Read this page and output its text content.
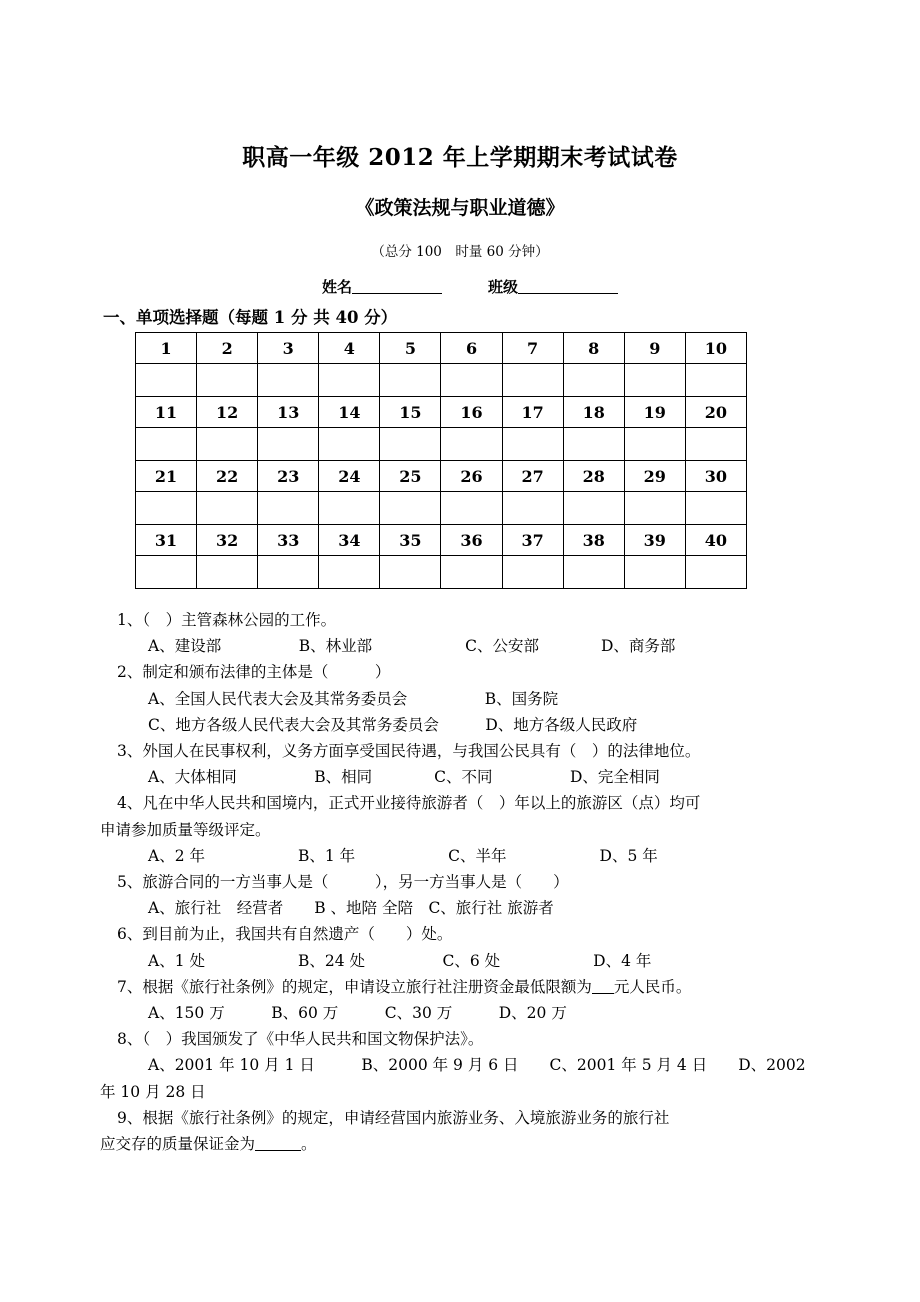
职高一年级 2012 年上学期期末考试试卷
《政策法规与职业道德》

（总分 100　时量 60 分钟）

姓名	班级

一、单项选择题（每题 1 分 共 40 分）

1	2	3	4	5	6	7	8	9	10

11	12	13	14	15	16	17	18	19	20

21	22	23	24	25	26	27	28	29	30

31	32	33	34	35	36	37	38	39	40

1、（　）主管森林公园的工作。

A、建设部　　　　　B、林业部　　　　　　C、公安部　　　　D、商务部

2、制定和颁布法律的主体是（　　　）

A、全国人民代表大会及其常务委员会　　　　　B、国务院

C、地方各级人民代表大会及其常务委员会　　　D、地方各级人民政府

3、外国人在民事权利，义务方面享受国民待遇，与我国公民具有（　）的法律地位。

A、大体相同　　　　　B、相同　　　　C、不同　　　　　D、完全相同

4、凡在中华人民共和国境内，正式开业接待旅游者（　）年以上的旅游区（点）均可

申请参加质量等级评定。

A、2 年　　　　　　B、1 年　　　　　　C、半年　　　　　　D、5 年

5、旅游合同的一方当事人是（　　　），另一方当事人是（　　）

A、旅行社　经营者　　B 、地陪 全陪　C、旅行社 旅游者

6、到目前为止，我国共有自然遗产（　　）处。

A、1 处　　　　　　B、24 处　　　　　C、6 处　　　　　　D、4 年

7、根据《旅行社条例》的规定，申请设立旅行社注册资金最低限额为 元人民币。

A、150 万　　　B、60 万　　　C、30 万　　　D、20 万

8、（　）我国颁发了《中华人民共和国文物保护法》。

A、2001 年 10 月 1 日　　　B、2000 年 9 月 6 日　　C、2001 年 5 月 4 日　　D、2002

年 10 月 28 日

9、根据《旅行社条例》的规定，申请经营国内旅游业务、入境旅游业务的旅行社

应交存的质量保证金为	。
